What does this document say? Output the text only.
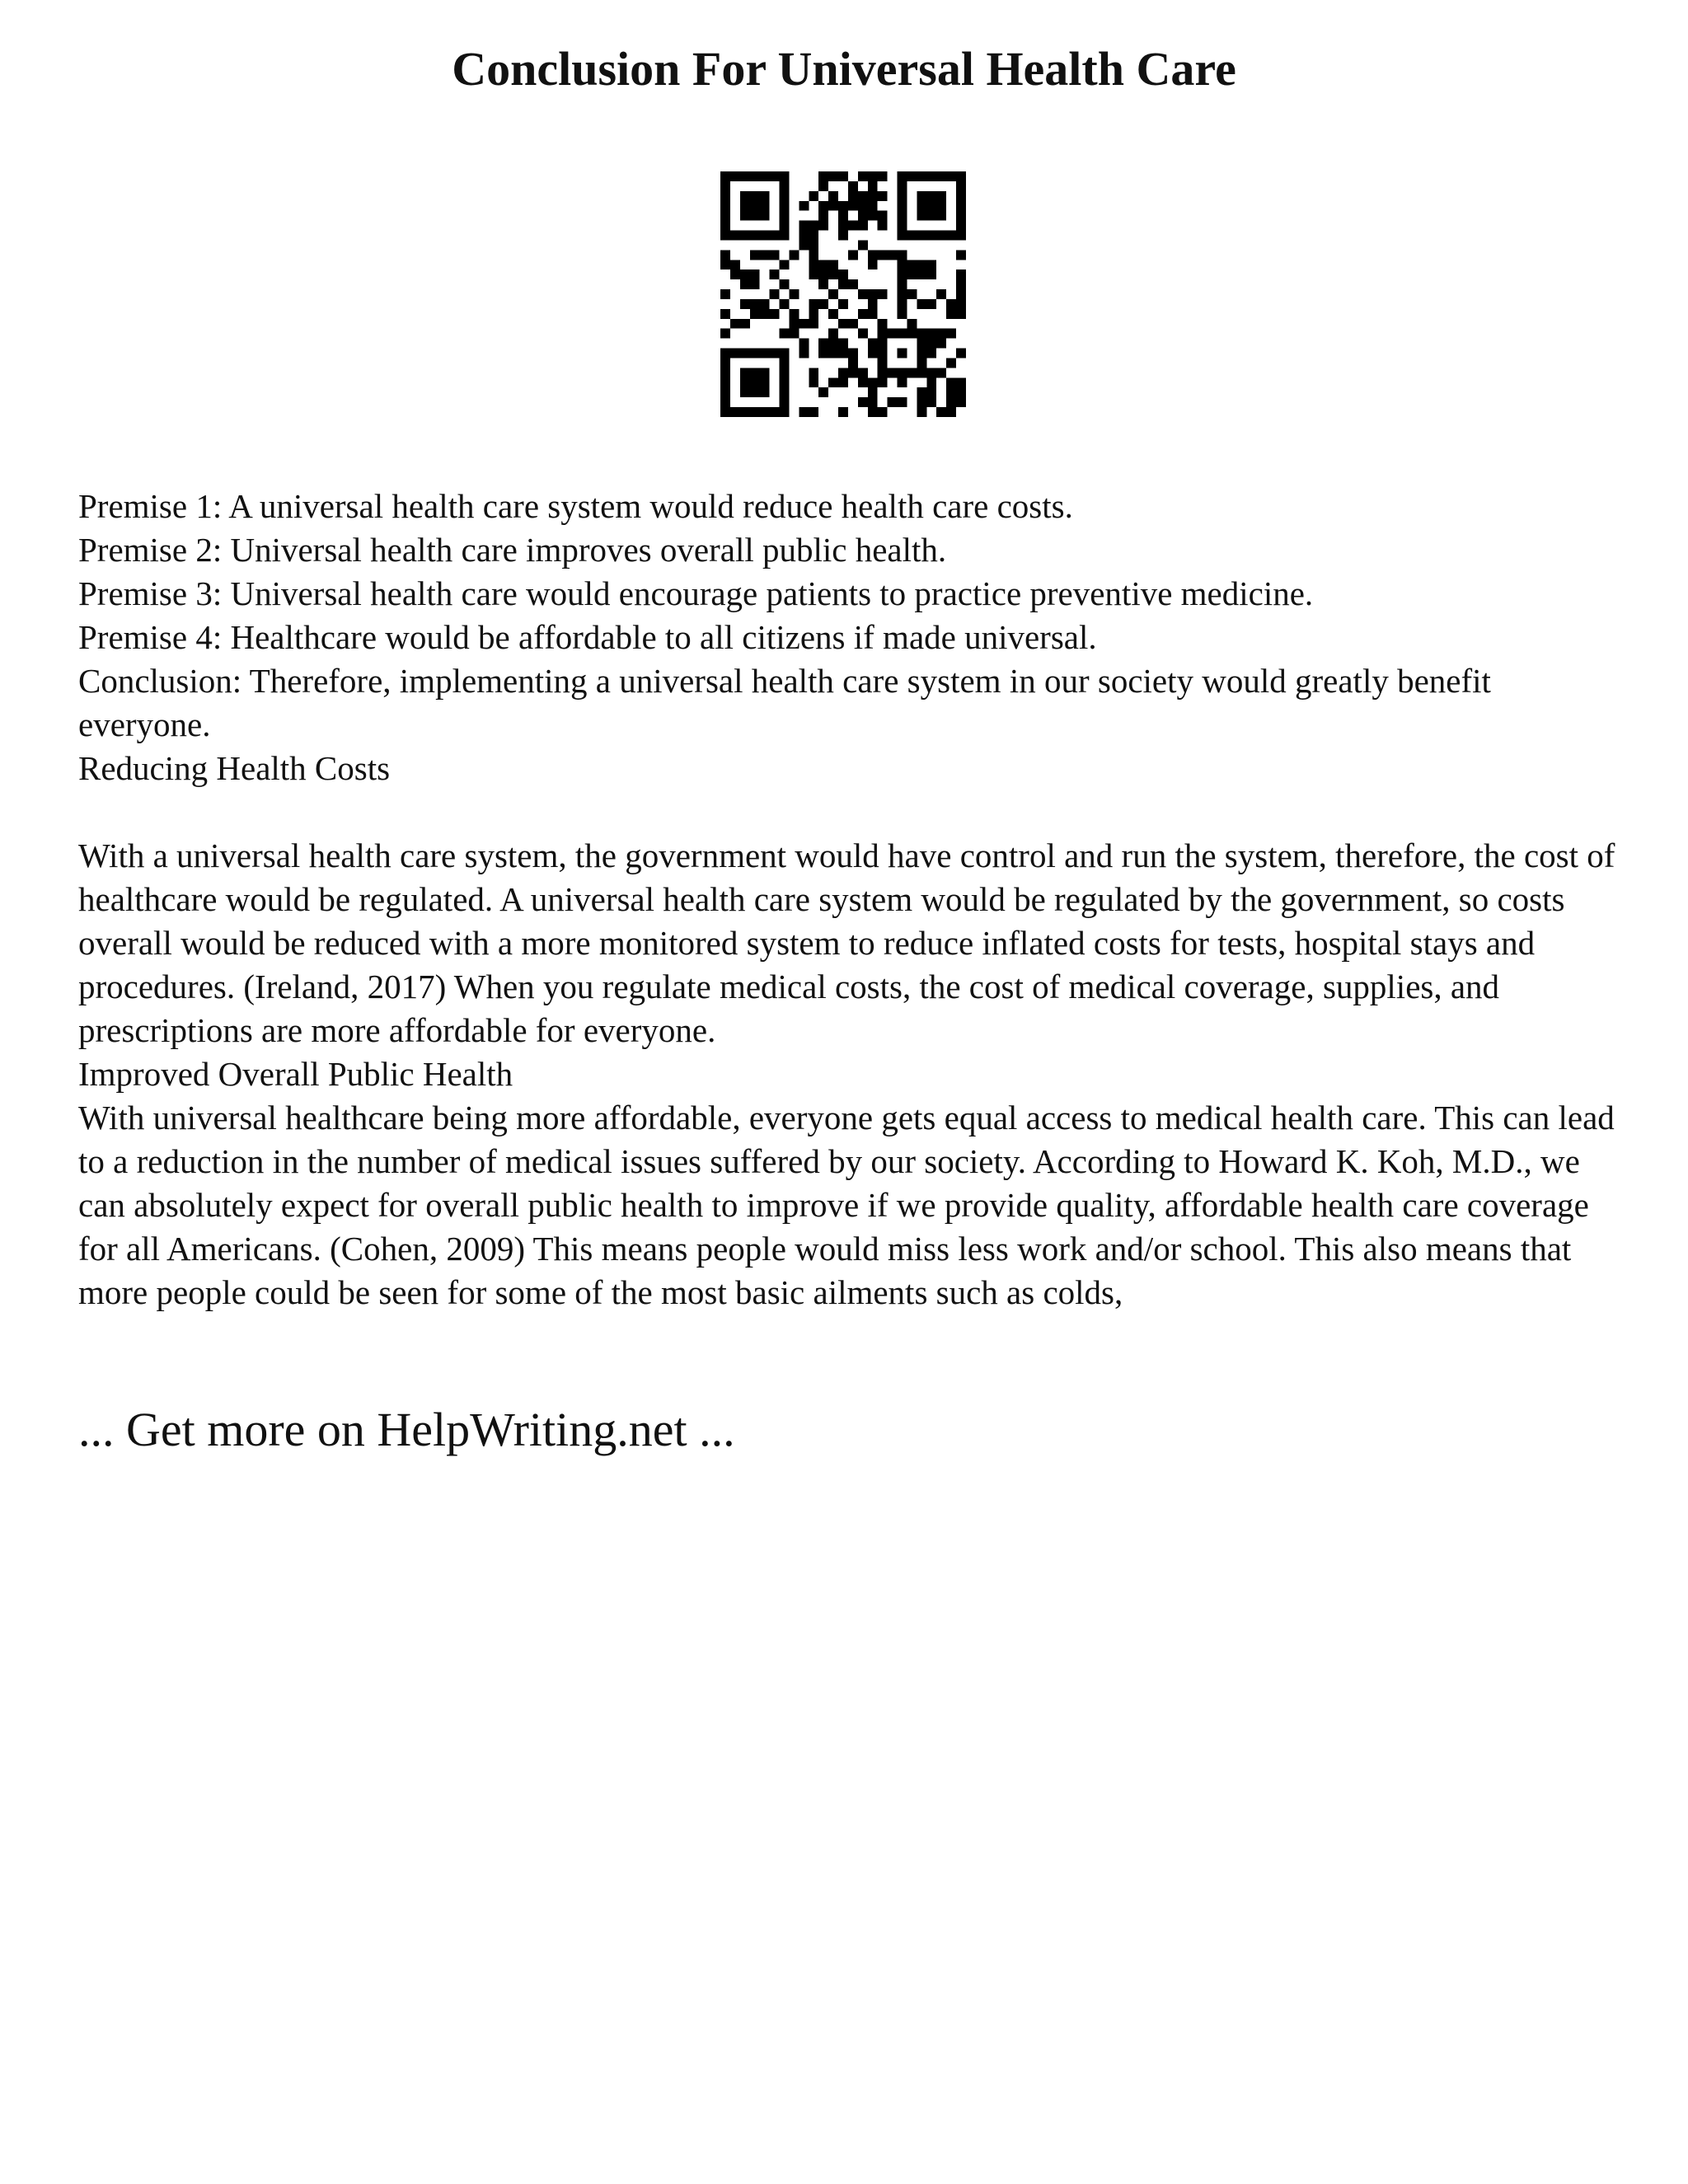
Conclusion For Universal Health Care
Premise 1: A universal health care system would reduce health care costs.
Premise 2: Universal health care improves overall public health.
Premise 3: Universal health care would encourage patients to practice preventive medicine.
Premise 4: Healthcare would be affordable to all citizens if made universal.
Conclusion: Therefore, implementing a universal health care system in our society would greatly benefit everyone.
Reducing Health Costs
With a universal health care system, the government would have control and run the system, therefore, the cost of healthcare would be regulated. A universal health care system would be regulated by the government, so costs overall would be reduced with a more monitored system to reduce inflated costs for tests, hospital stays and procedures. (Ireland, 2017) When you regulate medical costs, the cost of medical coverage, supplies, and prescriptions are more affordable for everyone.
Improved Overall Public Health
With universal healthcare being more affordable, everyone gets equal access to medical health care. This can lead to a reduction in the number of medical issues suffered by our society. According to Howard K. Koh, M.D., we can absolutely expect for overall public health to improve if we provide quality, affordable health care coverage for all Americans. (Cohen, 2009) This means people would miss less work and/or school. This also means that more people could be seen for some of the most basic ailments such as colds,
... Get more on HelpWriting.net ...
